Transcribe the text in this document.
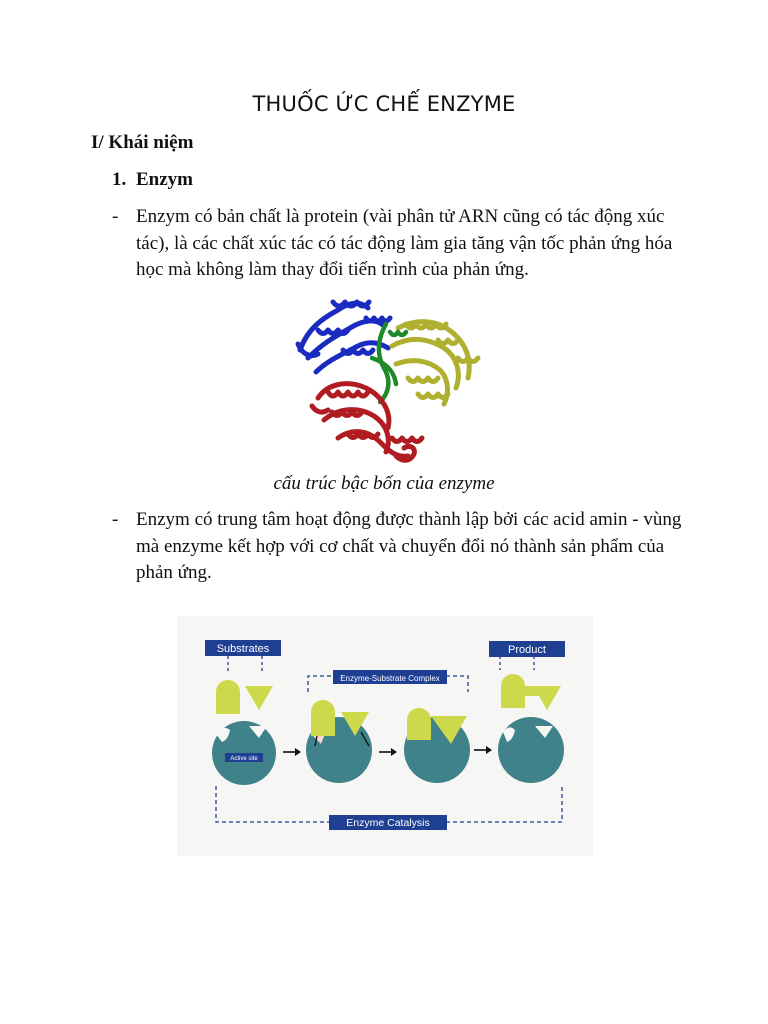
THUỐC ỨC CHẾ ENZYME
I/ Khái niệm
1. Enzym
- Enzym có bản chất là protein (vài phân tử ARN cũng có tác động xúc tác), là các chất xúc tác có tác động làm gia tăng vận tốc phản ứng hóa học mà không làm thay đổi tiến trình của phản ứng.
cấu trúc bậc bốn của enzyme
- Enzym có trung tâm hoạt động được thành lập bởi các acid amin - vùng mà enzyme kết hợp với cơ chất và chuyển đổi nó thành sản phẩm của phản ứng.
Substrates
Enzyme-Substrate Complex
Product
Active site
Enzyme Catalysis
